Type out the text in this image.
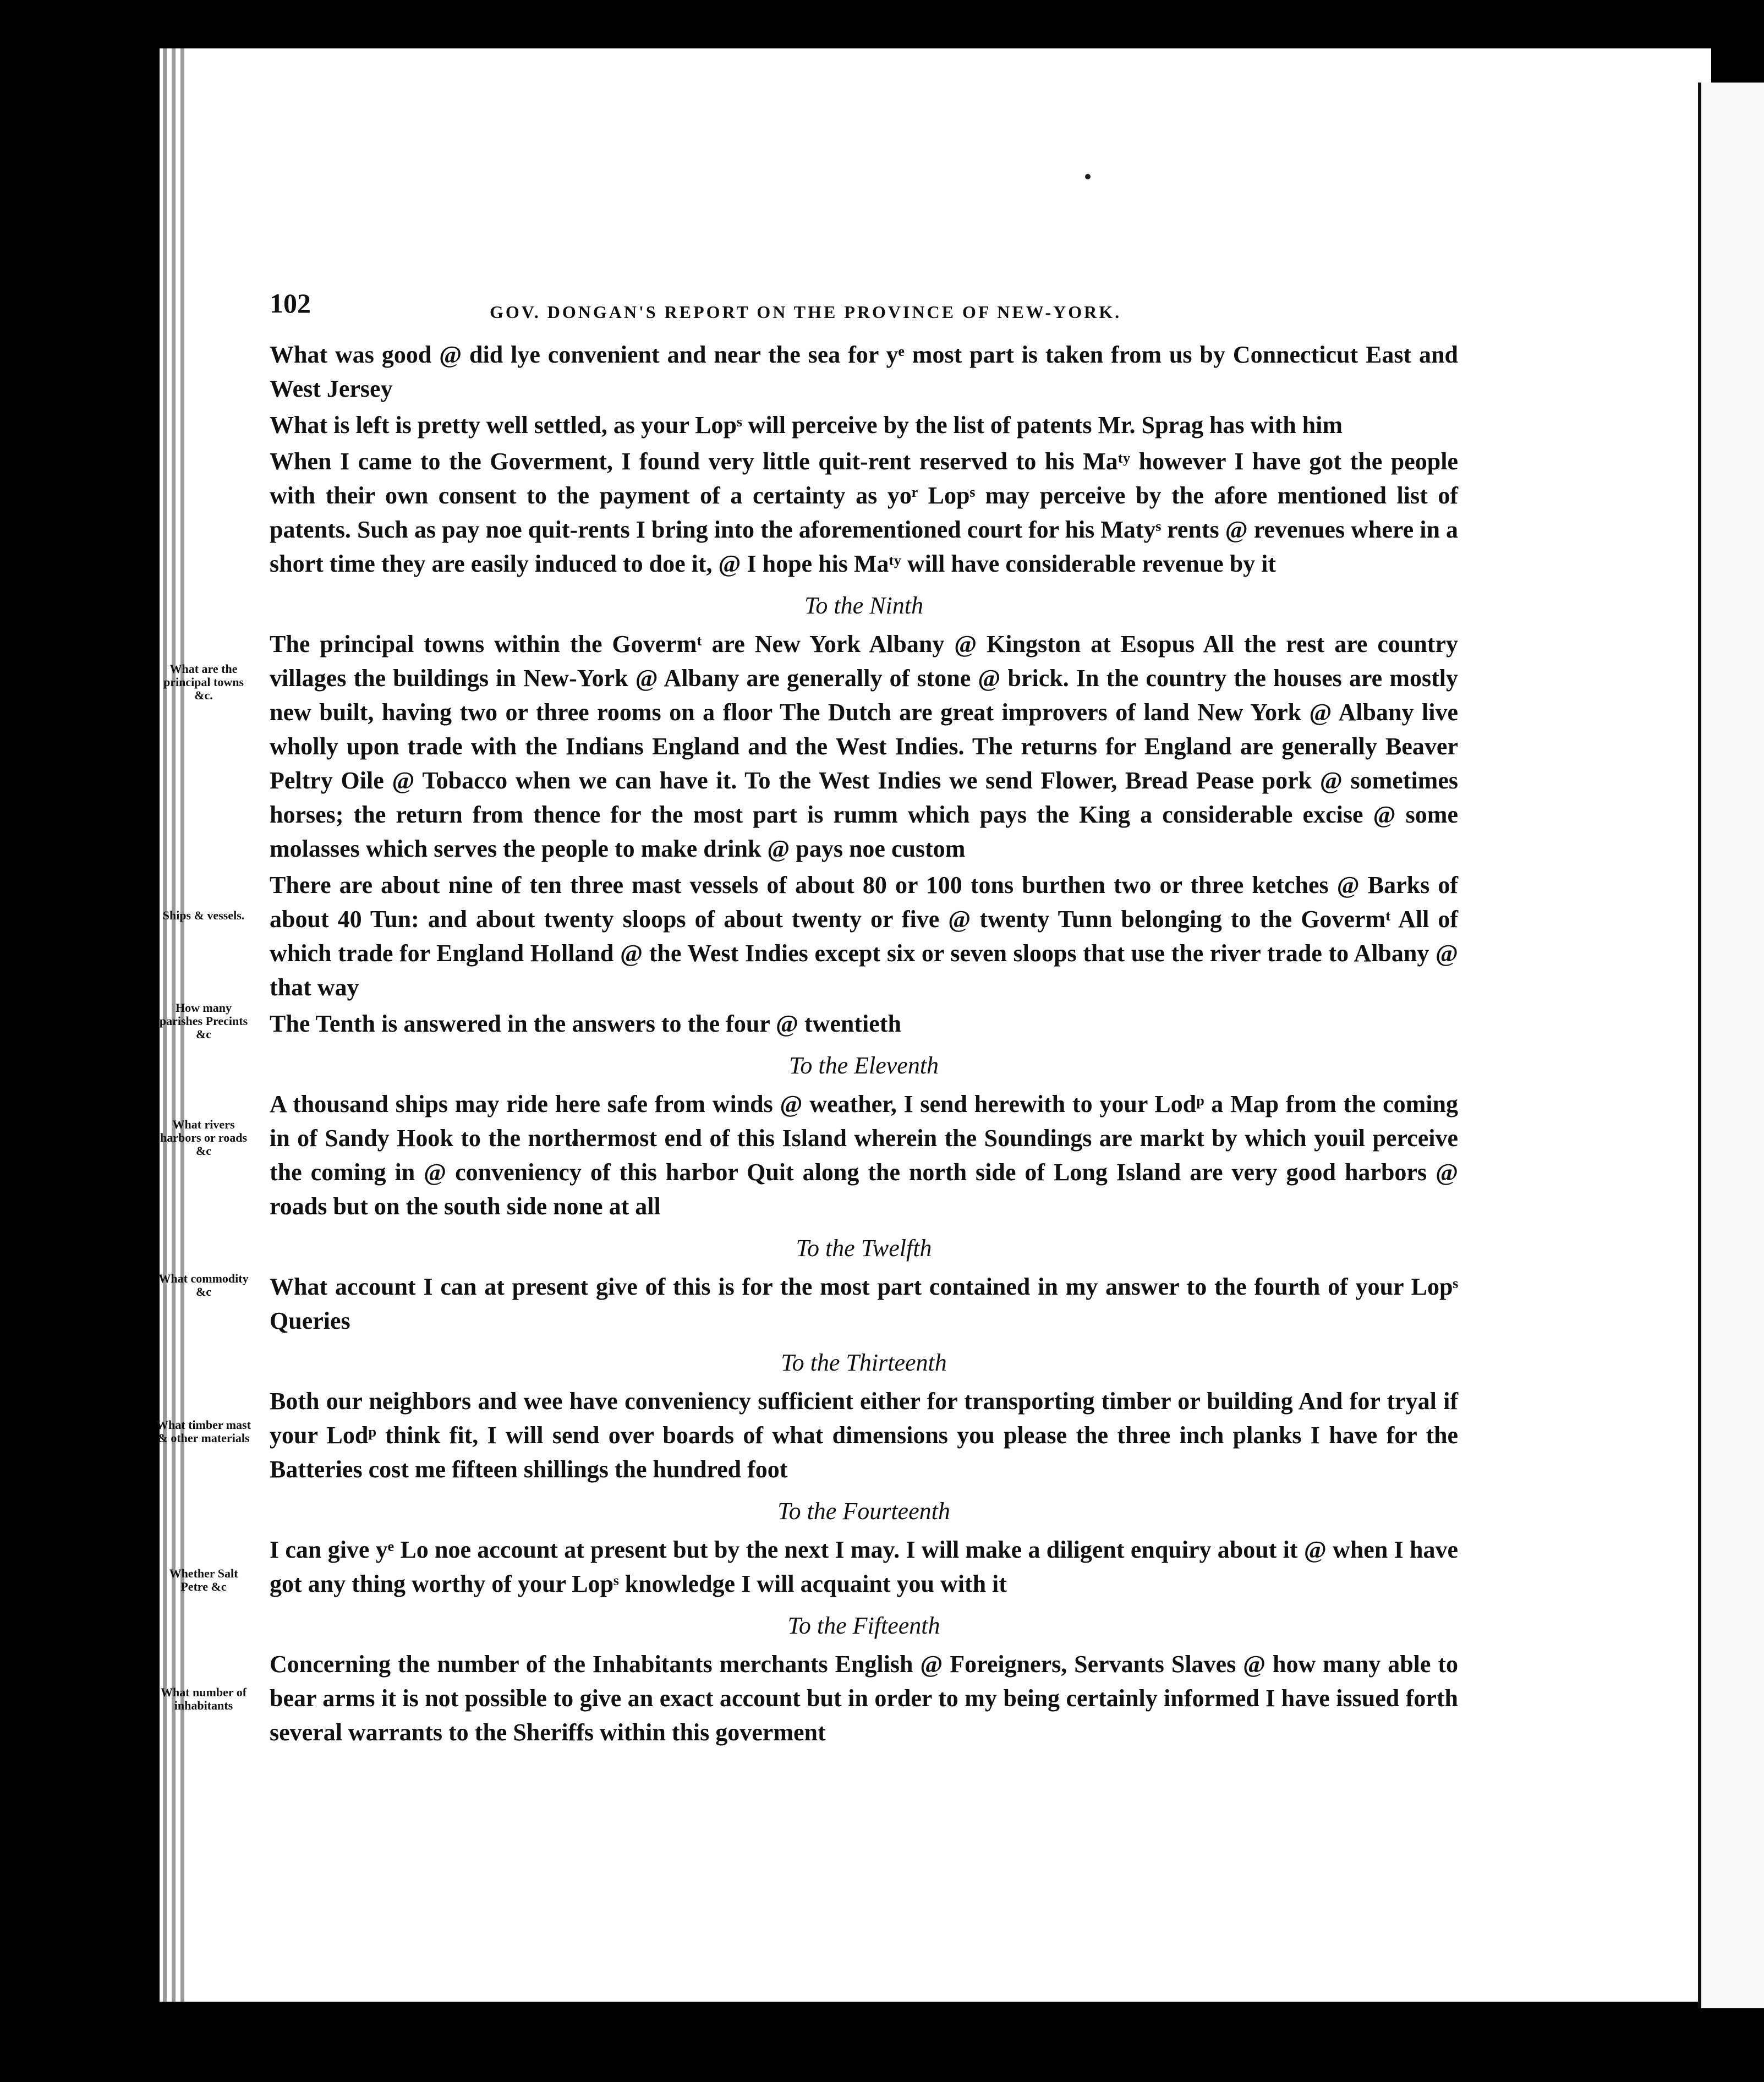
102	GOV. DONGAN'S REPORT ON THE PROVINCE OF NEW-YORK.

What was good @ did lye convenient and near the sea for yᵉ most part is taken from us by Connecticut East and West Jersey

What is left is pretty well settled, as your Lopˢ will perceive by the list of patents Mr. Sprag has with him

When I came to the Goverment, I found very little quit-rent reserved to his Maᵗʸ however I have got the people with their own consent to the payment of a certainty as yoʳ Lopˢ may perceive by the afore mentioned list of patents. Such as pay noe quit-rents I bring into the aforementioned court for his Matyˢ rents @ revenues where in a short time they are easily induced to doe it, @ I hope his Maᵗʸ will have considerable revenue by it

To the Ninth
What are the principal towns &c.

The principal towns within the Govermᵗ are New York Albany @ Kingston at Esopus All the rest are country villages the buildings in New-York @ Albany are generally of stone @ brick. In the country the houses are mostly new built, having two or three rooms on a floor The Dutch are great improvers of land New York @ Albany live wholly upon trade with the Indians England and the West Indies. The returns for England are generally Beaver Peltry Oile @ Tobacco when we can have it. To the West Indies we send Flower, Bread Pease pork @ sometimes horses; the return from thence for the most part is rumm which pays the King a considerable excise @ some molasses which serves the people to make drink @ pays noe custom

Ships & vessels.

There are about nine of ten three mast vessels of about 80 or 100 tons burthen two or three ketches @ Barks of about 40 Tun: and about twenty sloops of about twenty or five @ twenty Tunn belonging to the Govermᵗ All of which trade for England Holland @ the West Indies except six or seven sloops that use the river trade to Albany @ that way

How many parishes Precints &c	The Tenth is answered in the answers to the four @ twentieth

To the Eleventh
What rivers harbors or roads &c

A thousand ships may ride here safe from winds @ weather, I send herewith to your Lodᵖ a Map from the coming in of Sandy Hook to the northermost end of this Island wherein the Soundings are markt by which youil perceive the coming in @ conveniency of this harbor Quit along the north side of Long Island are very good harbors @ roads but on the south side none at all

To the Twelfth
What commodity &c	What account I can at present give of this is for the most part contained in my answer to the fourth of your Lopˢ Queries

To the Thirteenth
What timber mast & other materials

Both our neighbors and wee have conveniency sufficient either for transporting timber or building And for tryal if your Lodᵖ think fit, I will send over boards of what dimensions you please the three inch planks I have for the Batteries cost me fifteen shillings the hundred foot

To the Fourteenth
Whether Salt Petre &c

I can give yᵉ Lo noe account at present but by the next I may. I will make a diligent enquiry about it @ when I have got any thing worthy of your Lopˢ knowledge I will acquaint you with it

To the Fifteenth
What number of inhabitants

Concerning the number of the Inhabitants merchants English @ Foreigners, Servants Slaves @ how many able to bear arms it is not possible to give an exact account but in order to my being certainly informed I have issued forth several warrants to the Sheriffs within this goverment
